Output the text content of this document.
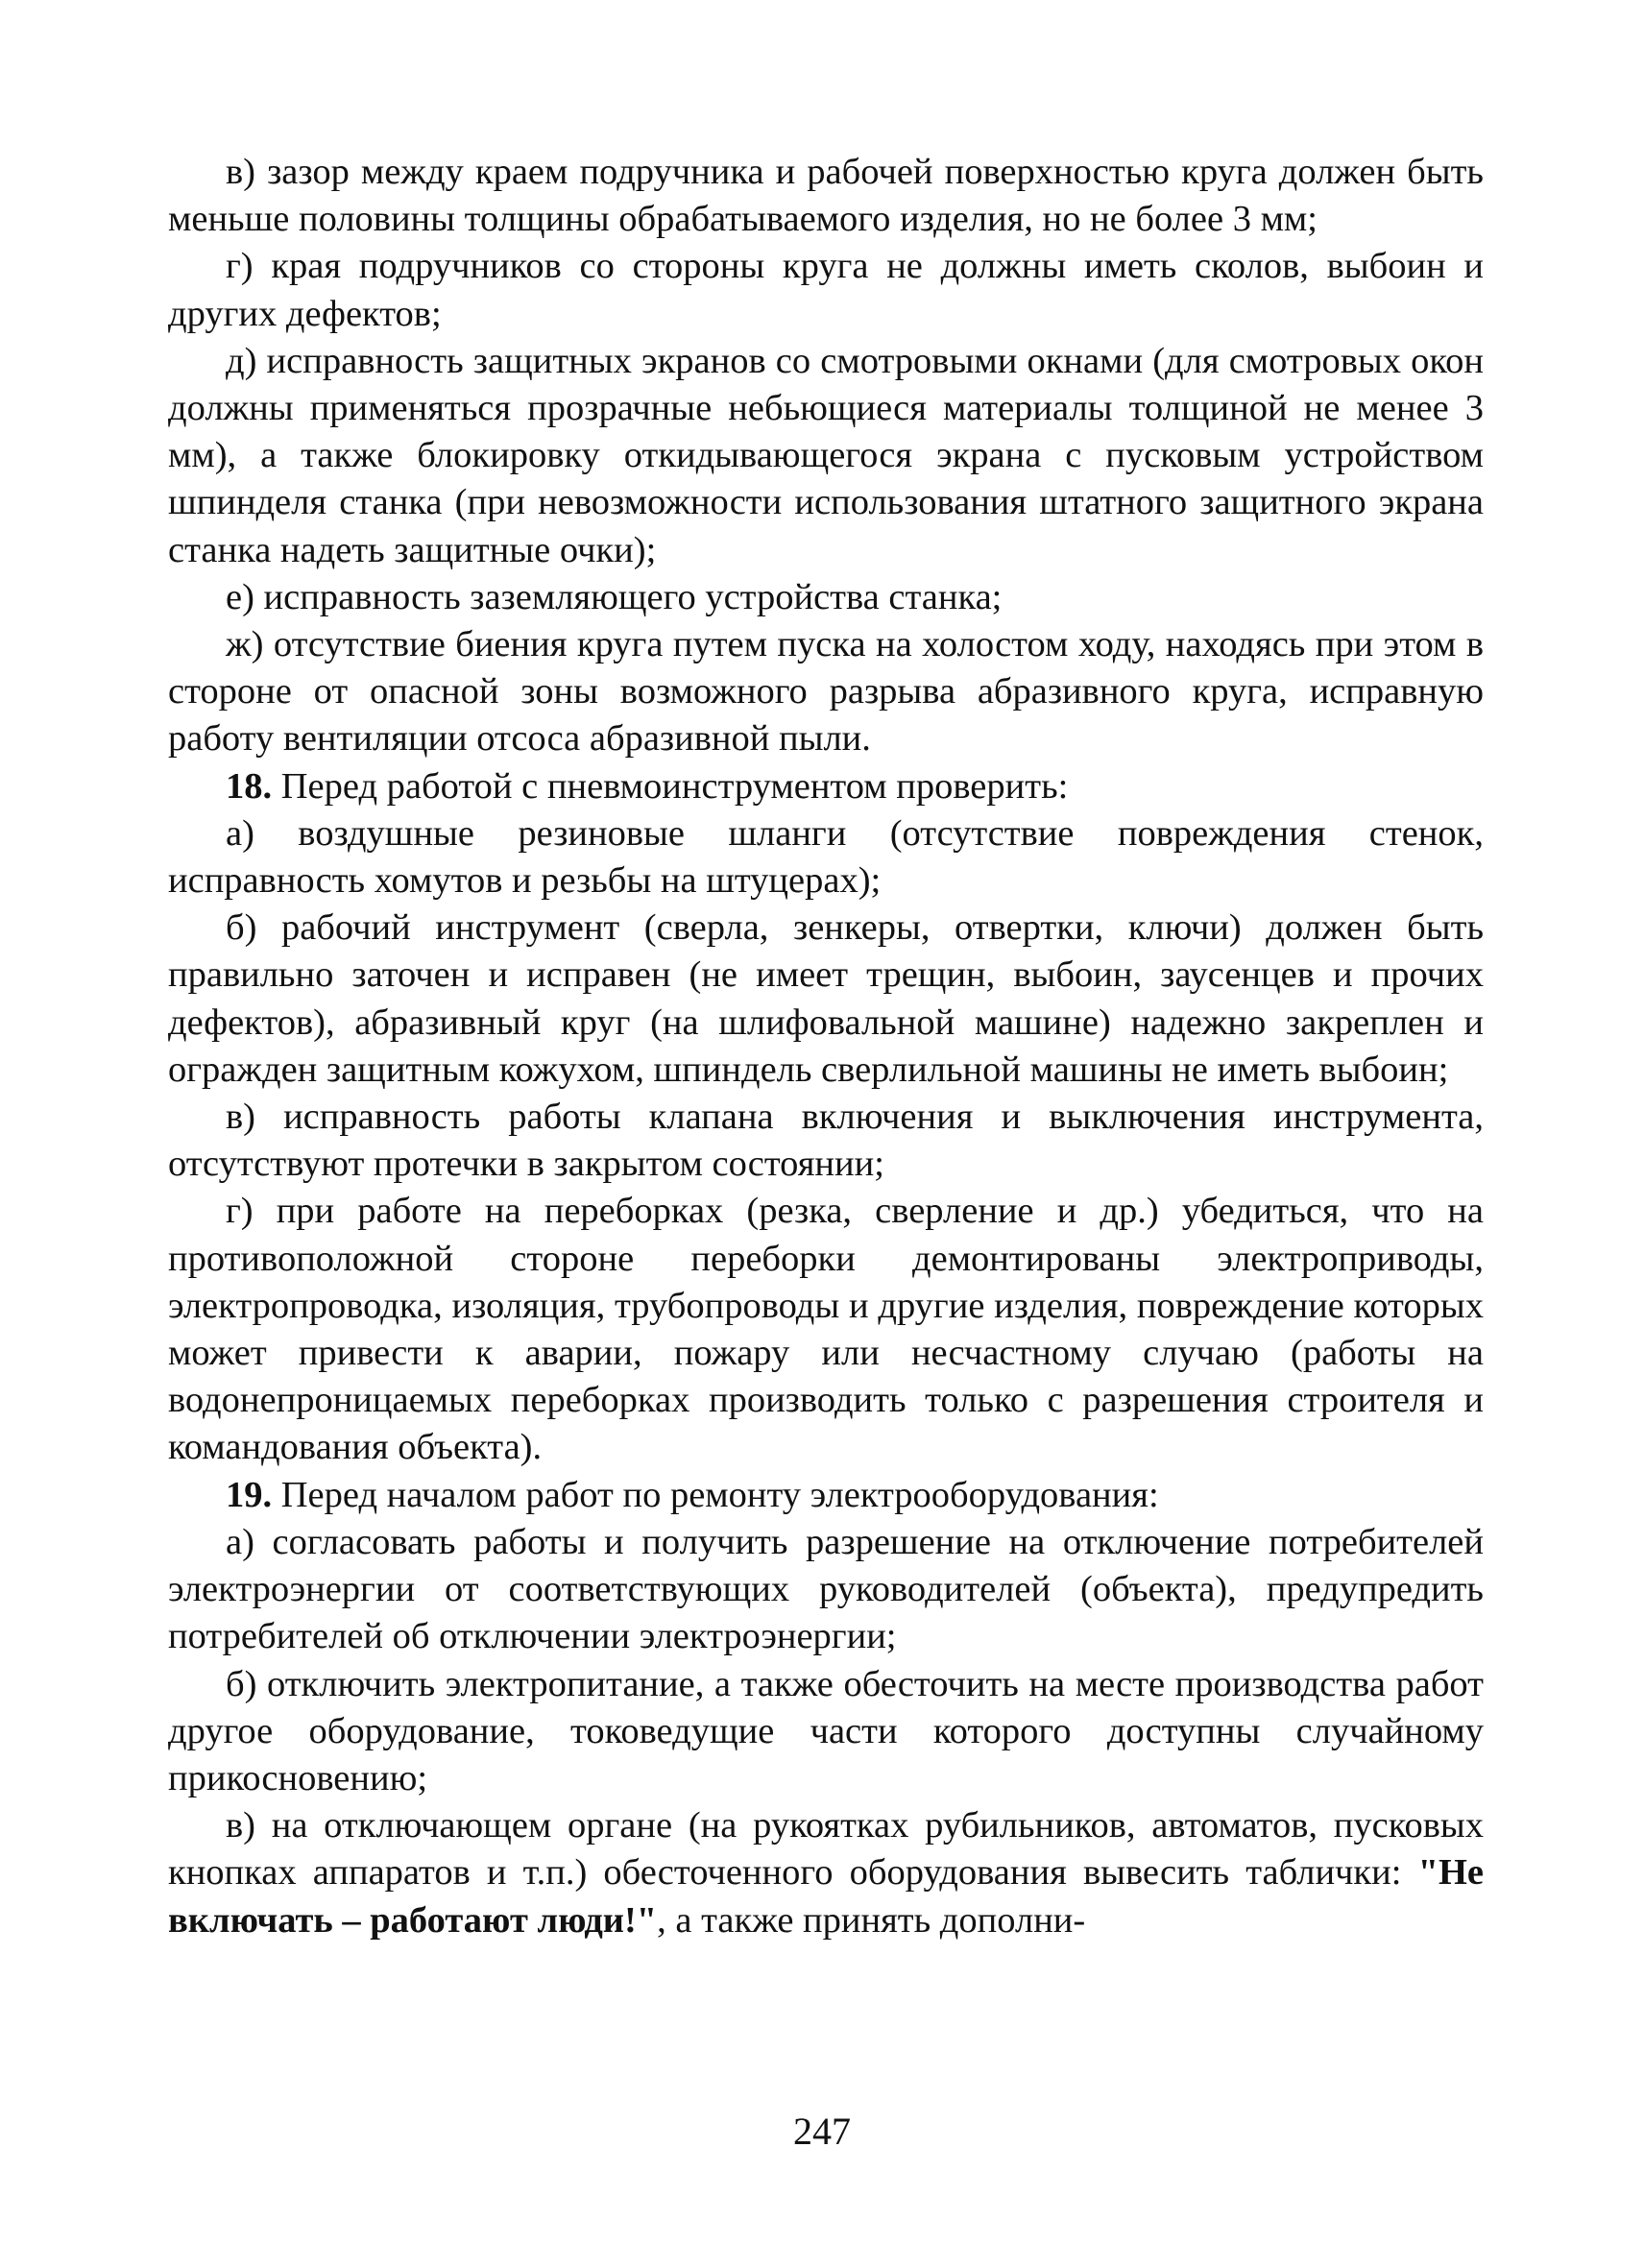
в) зазор между краем подручника и рабочей поверхностью круга должен быть меньше половины толщины обрабатываемого изделия, но не более 3 мм;

г) края подручников со стороны круга не должны иметь сколов, выбоин и других дефектов;

д) исправность защитных экранов со смотровыми окнами (для смотровых окон должны применяться прозрачные небьющиеся материалы толщиной не менее 3 мм), а также блокировку откидывающегося экрана с пусковым устройством шпинделя станка (при невозможности использования штатного защитного экрана станка надеть защитные очки);

е) исправность заземляющего устройства станка;

ж) отсутствие биения круга путем пуска на холостом ходу, находясь при этом в стороне от опасной зоны возможного разрыва абразивного круга, исправную работу вентиляции отсоса абразивной пыли.

18. Перед работой с пневмоинструментом проверить:

а) воздушные резиновые шланги (отсутствие повреждения стенок, исправность хомутов и резьбы на штуцерах);

б) рабочий инструмент (сверла, зенкеры, отвертки, ключи) должен быть правильно заточен и исправен (не имеет трещин, выбоин, заусенцев и прочих дефектов), абразивный круг (на шлифовальной машине) надежно закреплен и огражден защитным кожухом, шпиндель сверлильной машины не иметь выбоин;

в) исправность работы клапана включения и выключения инструмента, отсутствуют протечки в закрытом состоянии;

г) при работе на переборках (резка, сверление и др.) убедиться, что на противоположной стороне переборки демонтированы электроприводы, электропроводка, изоляция, трубопроводы и другие изделия, повреждение которых может привести к аварии, пожару или несчастному случаю (работы на водонепроницаемых переборках производить только с разрешения строителя и командования объекта).

19. Перед началом работ по ремонту электрооборудования:

а) согласовать работы и получить разрешение на отключение потребителей электроэнергии от соответствующих руководителей (объекта), предупредить потребителей об отключении электроэнергии;

б) отключить электропитание, а также обесточить на месте производства работ другое оборудование, токоведущие части которого доступны случайному прикосновению;

в) на отключающем органе (на рукоятках рубильников, автоматов, пусковых кнопках аппаратов и т.п.) обесточенного оборудования вывесить таблички: "Не включать – работают люди!", а также принять дополни-

247
